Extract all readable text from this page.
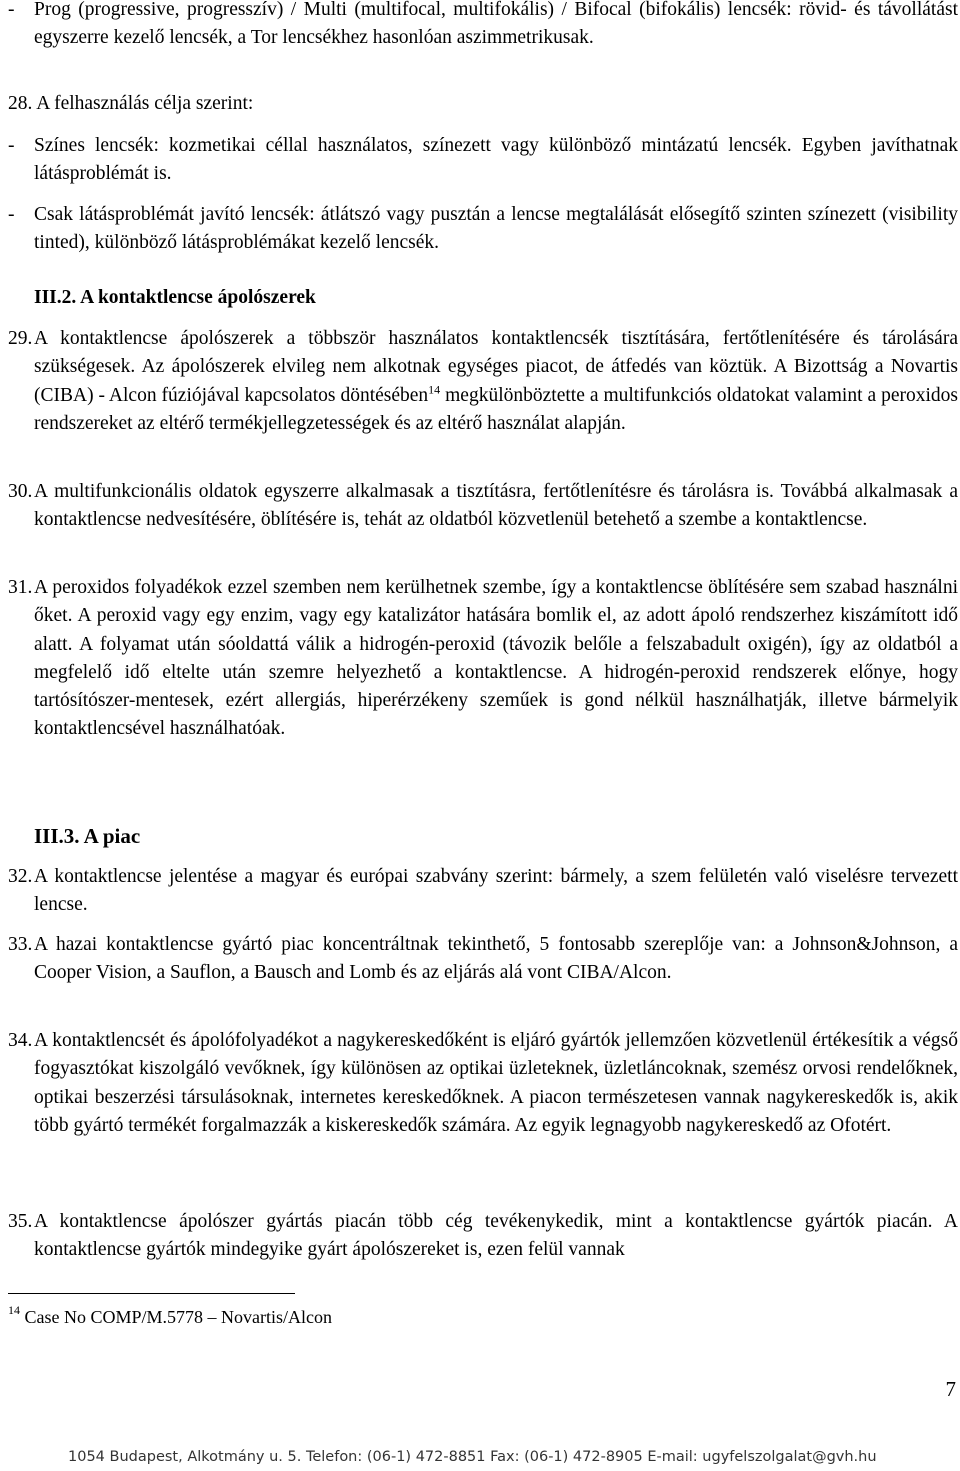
- Prog (progressive, progresszív) / Multi (multifocal, multifokális) / Bifocal (bifokális) lencsék: rövid- és távollátást egyszerre kezelő lencsék, a Tor lencsékhez hasonlóan aszimmetrikusak.
28. A felhasználás célja szerint:
- Színes lencsék: kozmetikai céllal használatos, színezett vagy különböző mintázatú lencsék. Egyben javíthatnak látásproblémát is.
- Csak látásproblémát javító lencsék: átlátszó vagy pusztán a lencse megtalálását elősegítő szinten színezett (visibility tinted), különböző látásproblémákat kezelő lencsék.
III.2. A kontaktlencse ápolószerek
29. A kontaktlencse ápolószerek a többször használatos kontaktlencsék tisztítására, fertőtlenítésére és tárolására szükségesek. Az ápolószerek elvileg nem alkotnak egységes piacot, de átfedés van köztük. A Bizottság a Novartis (CIBA) - Alcon fúziójával kapcsolatos döntésében$^{14}$ megkülönböztette a multifunkciós oldatokat valamint a peroxidos rendszereket az eltérő termékjellegzetességek és az eltérő használat alapján.
30. A multifunkcionális oldatok egyszerre alkalmasak a tisztításra, fertőtlenítésre és tárolásra is. Továbbá alkalmasak a kontaktlencse nedvesítésére, öblítésére is, tehát az oldatból közvetlenül betehető a szembe a kontaktlencse.
31. A peroxidos folyadékok ezzel szemben nem kerülhetnek szembe, így a kontaktlencse öblítésére sem szabad használni őket. A peroxid vagy egy enzim, vagy egy katalizátor hatására bomlik el, az adott ápoló rendszerhez kiszámított idő alatt. A folyamat után sóoldattá válik a hidrogén-peroxid (távozik belőle a felszabadult oxigén), így az oldatból a megfelelő idő eltelte után szemre helyezhető a kontaktlencse. A hidrogén-peroxid rendszerek előnye, hogy tartósítószer-mentesek, ezért allergiás, hiperérzékeny szeműek is gond nélkül használhatják, illetve bármelyik kontaktlencsével használhatóak.
III.3. A piac
32. A kontaktlencse jelentése a magyar és európai szabvány szerint: bármely, a szem felületén való viselésre tervezett lencse.
33. A hazai kontaktlencse gyártó piac koncentráltnak tekinthető, 5 fontosabb szereplője van: a Johnson&Johnson, a Cooper Vision, a Sauflon, a Bausch and Lomb és az eljárás alá vont CIBA/Alcon.
34. A kontaktlencsét és ápolófolyadékot a nagykereskedőként is eljáró gyártók jellemzően közvetlenül értékesítik a végső fogyasztókat kiszolgáló vevőknek, így különösen az optikai üzleteknek, üzletláncoknak, szemész orvosi rendelőknek, optikai beszerzési társulásoknak, internetes kereskedőknek. A piacon természetesen vannak nagykereskedők is, akik több gyártó termékét forgalmazzák a kiskereskedők számára. Az egyik legnagyobb nagykereskedő az Ofotért.
35. A kontaktlencse ápolószer gyártás piacán több cég tevékenykedik, mint a kontaktlencse gyártók piacán. A kontaktlencse gyártók mindegyike gyárt ápolószereket is, ezen felül vannak
$^{14}$ Case No COMP/M.5778 – Novartis/Alcon
7
1054 Budapest, Alkotmány u. 5. Telefon: (06-1) 472-8851 Fax: (06-1) 472-8905 E-mail: ugyfelszolgalat@gvh.hu
